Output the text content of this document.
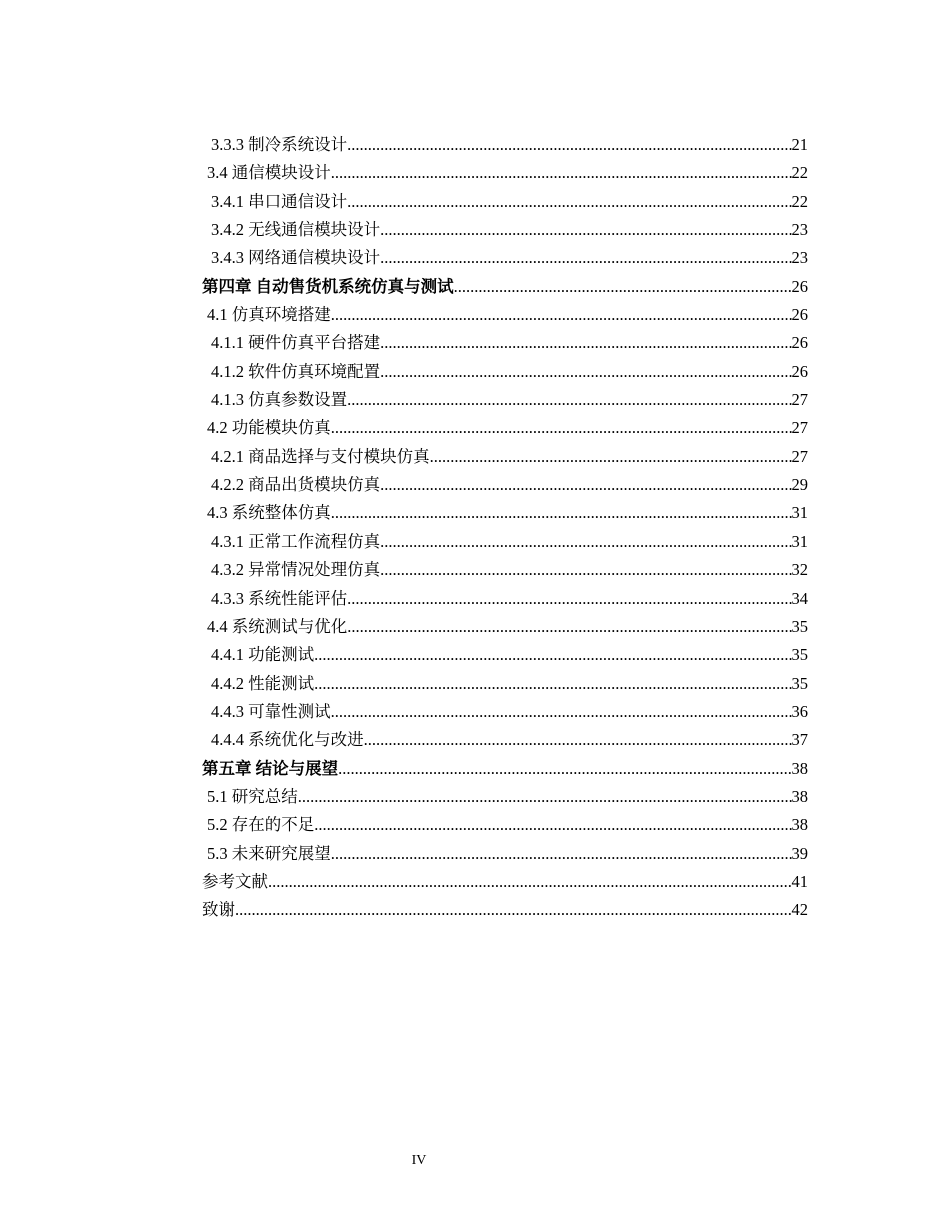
3.3.3 制冷系统设计 .....	21
3.4 通信模块设计 .....	22
3.4.1 串口通信设计 .....	22
3.4.2 无线通信模块设计 .....	23
3.4.3 网络通信模块设计 .....	23
第四章 自动售货机系统仿真与测试 .....	26
4.1 仿真环境搭建 .....	26
4.1.1 硬件仿真平台搭建 .....	26
4.1.2 软件仿真环境配置 .....	26
4.1.3 仿真参数设置 .....	27
4.2 功能模块仿真 .....	27
4.2.1 商品选择与支付模块仿真 .....	27
4.2.2 商品出货模块仿真 .....	29
4.3 系统整体仿真 .....	31
4.3.1 正常工作流程仿真 .....	31
4.3.2 异常情况处理仿真 .....	32
4.3.3 系统性能评估 .....	34
4.4 系统测试与优化 .....	35
4.4.1 功能测试 .....	35
4.4.2 性能测试 .....	35
4.4.3 可靠性测试 .....	36
4.4.4 系统优化与改进 .....	37
第五章 结论与展望 .....	38
5.1 研究总结 .....	38
5.2 存在的不足 .....	38
5.3 未来研究展望 .....	39
参考文献 .....	41
致谢 .....	42
IV
